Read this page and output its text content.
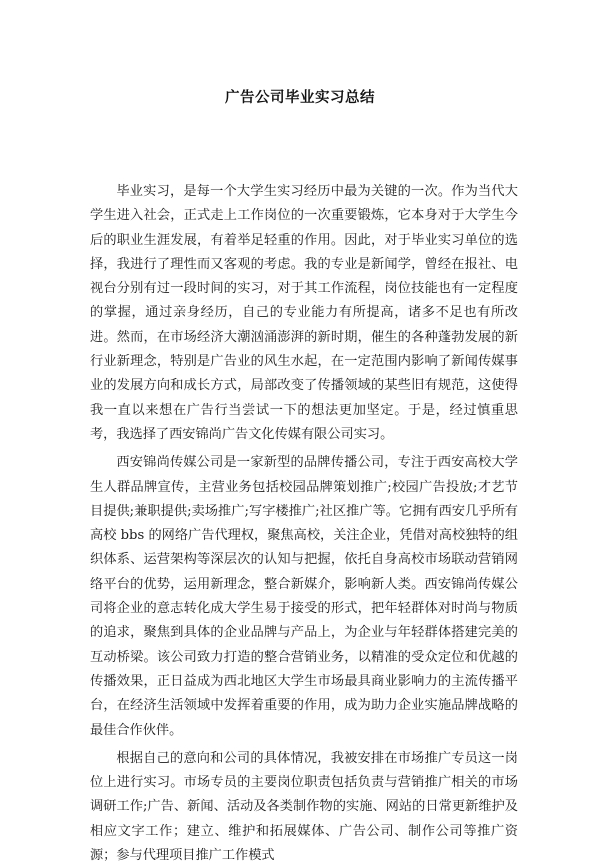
广告公司毕业实习总结

毕业实习，是每一个大学生实习经历中最为关键的一次。作为当代大学生进入社会，正式走上工作岗位的一次重要锻炼，它本身对于大学生今后的职业生涯发展，有着举足轻重的作用。因此，对于毕业实习单位的选择，我进行了理性而又客观的考虑。我的专业是新闻学，曾经在报社、电视台分别有过一段时间的实习，对于其工作流程，岗位技能也有一定程度的掌握，通过亲身经历，自己的专业能力有所提高，诸多不足也有所改进。然而，在市场经济大潮汹涌澎湃的新时期，催生的各种蓬勃发展的新行业新理念，特别是广告业的风生水起，在一定范围内影响了新闻传媒事业的发展方向和成长方式，局部改变了传播领域的某些旧有规范，这使得我一直以来想在广告行当尝试一下的想法更加坚定。于是，经过慎重思考，我选择了西安锦尚广告文化传媒有限公司实习。

西安锦尚传媒公司是一家新型的品牌传播公司，专注于西安高校大学生人群品牌宣传，主营业务包括校园品牌策划推广;校园广告投放;才艺节目提供;兼职提供;卖场推广;写字楼推广;社区推广等。它拥有西安几乎所有高校 bbs 的网络广告代理权，聚焦高校，关注企业，凭借对高校独特的组织体系、运营架构等深层次的认知与把握，依托自身高校市场联动营销网络平台的优势，运用新理念，整合新媒介，影响新人类。西安锦尚传媒公司将企业的意志转化成大学生易于接受的形式，把年轻群体对时尚与物质的追求，聚焦到具体的企业品牌与产品上，为企业与年轻群体搭建完美的互动桥梁。该公司致力打造的整合营销业务，以精准的受众定位和优越的传播效果，正日益成为西北地区大学生市场最具商业影响力的主流传播平台，在经济生活领域中发挥着重要的作用，成为助力企业实施品牌战略的最佳合作伙伴。

根据自己的意向和公司的具体情况，我被安排在市场推广专员这一岗位上进行实习。市场专员的主要岗位职责包括负责与营销推广相关的市场调研工作;广告、新闻、活动及各类制作物的实施、网站的日常更新维护及相应文字工作；建立、维护和拓展媒体、广告公司、制作公司等推广资源；参与代理项目推广工作模式
